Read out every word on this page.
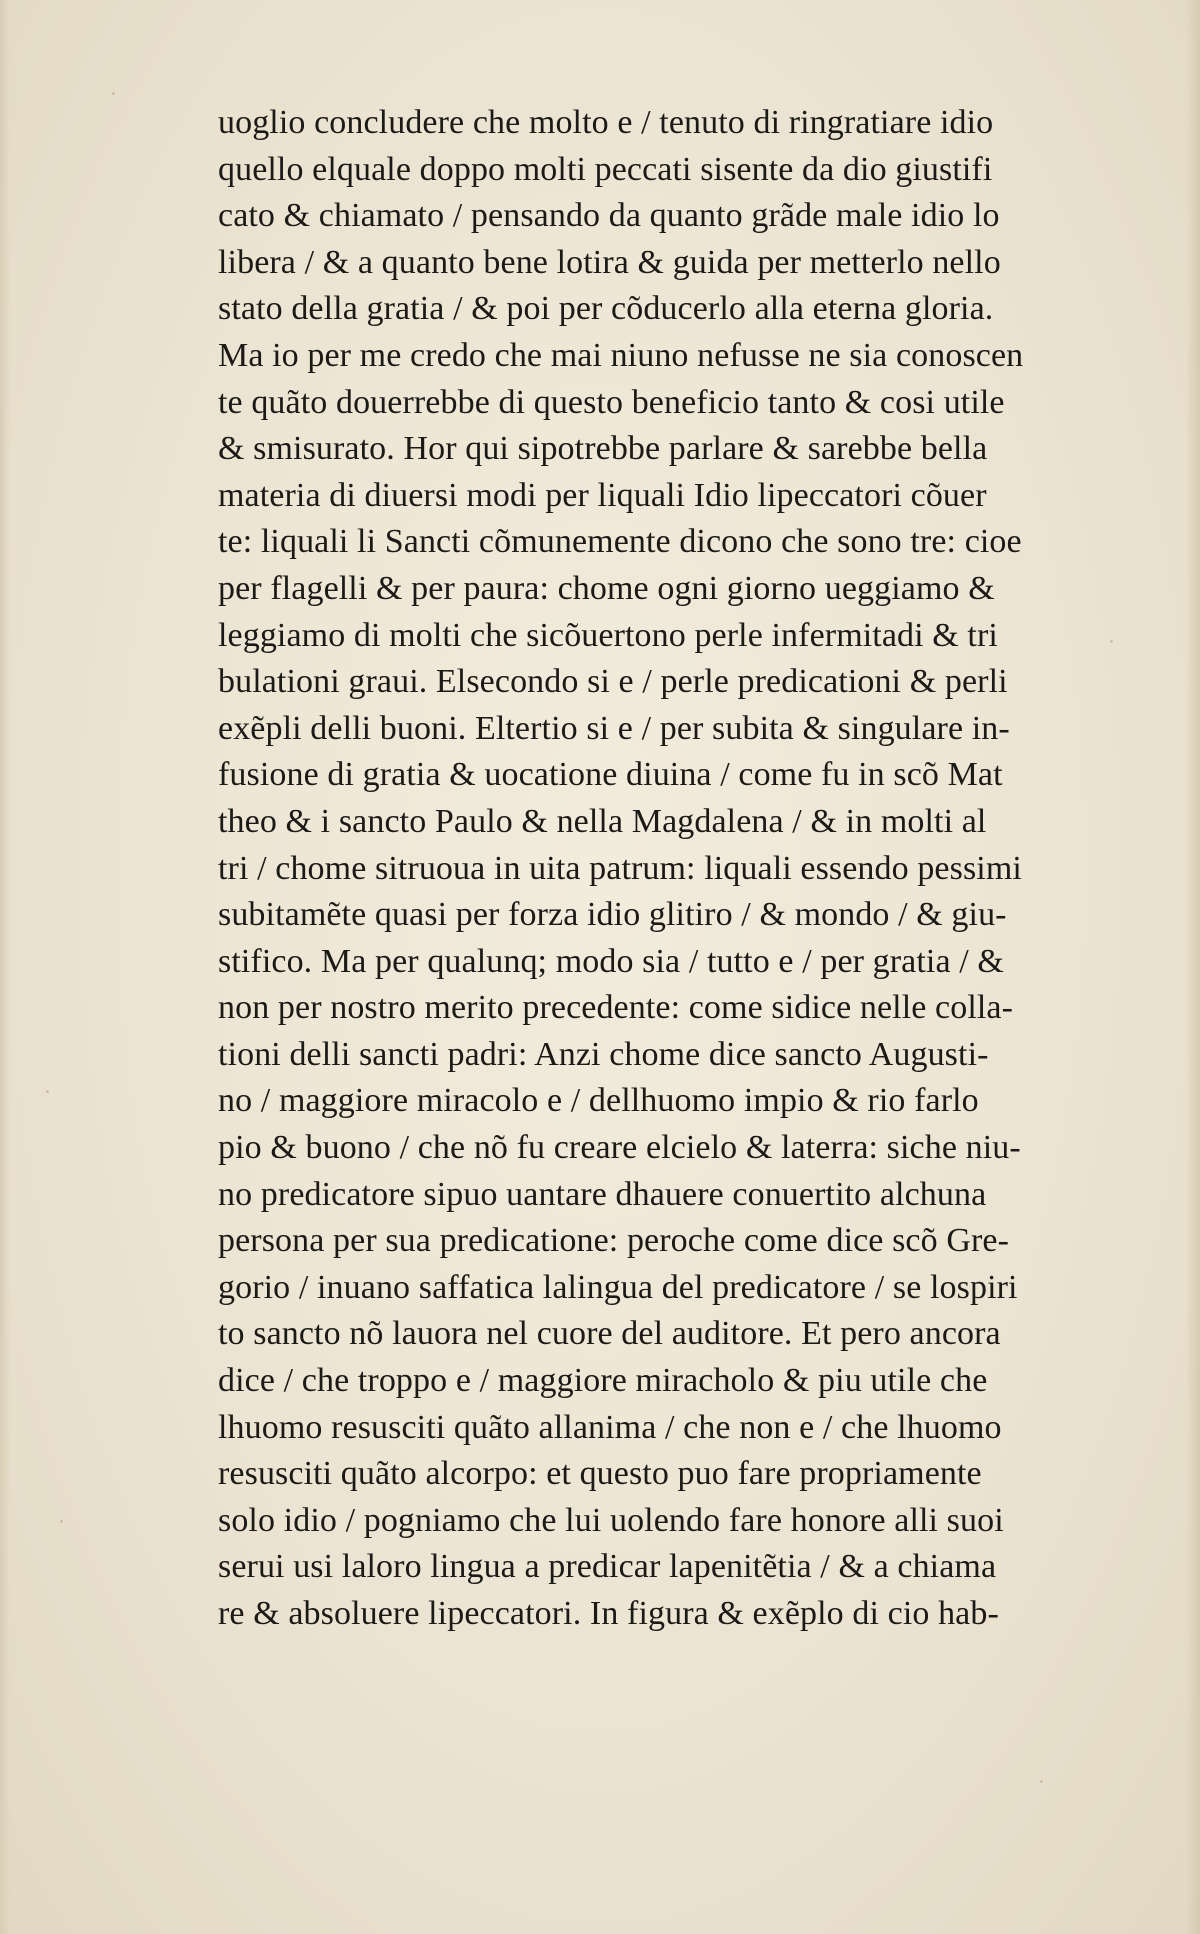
uoglio concludere che molto e / tenuto di ringratiare idio
quello elquale doppo molti peccati sisente da dio giustifi
cato & chiamato / pensando da quanto grãde male idio lo
libera / & a quanto bene lotira & guida per metterlo nello
stato della gratia / & poi per cõducerlo alla eterna gloria.
Ma io per me credo che mai niuno nefusse ne sia conoscen
te quãto douerrebbe di questo beneficio tanto & cosi utile
& smisurato. Hor qui sipotrebbe parlare & sarebbe bella
materia di diuersi modi per liquali Idio lipeccatori cõuer
te: liquali li Sancti cõmunemente dicono che sono tre: cioe
per flagelli & per paura: chome ogni giorno ueggiamo &
leggiamo di molti che sicõuertono perle infermitadi & tri
bulationi graui. Elsecondo si e / perle predicationi & perli
exẽpli delli buoni. Eltertio si e / per subita & singulare in-
fusione di gratia & uocatione diuina / come fu in scõ Mat
theo & i sancto Paulo & nella Magdalena / & in molti al
tri / chome sitruoua in uita patrum: liquali essendo pessimi
subitamẽte quasi per forza idio glitiro / & mondo / & giu-
stifico. Ma per qualunq; modo sia / tutto e / per gratia / &
non per nostro merito precedente: come sidice nelle colla-
tioni delli sancti padri: Anzi chome dice sancto Augusti-
no / maggiore miracolo e / dellhuomo impio & rio farlo
pio & buono / che nõ fu creare elcielo & laterra: siche niu-
no predicatore sipuo uantare dhauere conuertito alchuna
persona per sua predicatione: peroche come dice scõ Gre-
gorio / inuano saffatica lalingua del predicatore / se lospiri
to sancto nõ lauora nel cuore del auditore. Et pero ancora
dice / che troppo e / maggiore miracholo & piu utile che
lhuomo resusciti quãto allanima / che non e / che lhuomo
resusciti quãto alcorpo: et questo puo fare propriamente
solo idio / pogniamo che lui uolendo fare honore alli suoi
serui usi laloro lingua a predicar lapenitẽtia / & a chiama
re & absoluere lipeccatori. In figura & exẽplo di cio hab-
